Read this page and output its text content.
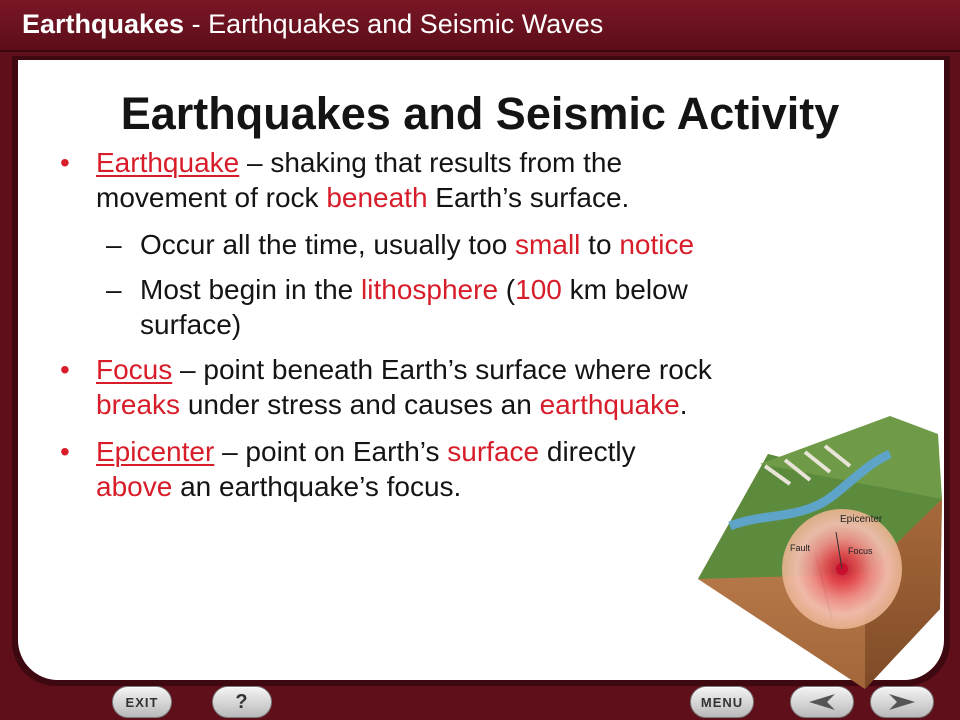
Earthquakes - Earthquakes and Seismic Waves
Earthquakes and Seismic Activity
• Earthquake – shaking that results from the movement of rock beneath Earth’s surface.
– Occur all the time, usually too small to notice
– Most begin in the lithosphere (100 km below surface)
• Focus – point beneath Earth’s surface where rock breaks under stress and causes an earthquake.
• Epicenter – point on Earth’s surface directly above an earthquake’s focus.
Epicenter
Fault	Focus
EXIT	?	MENU
